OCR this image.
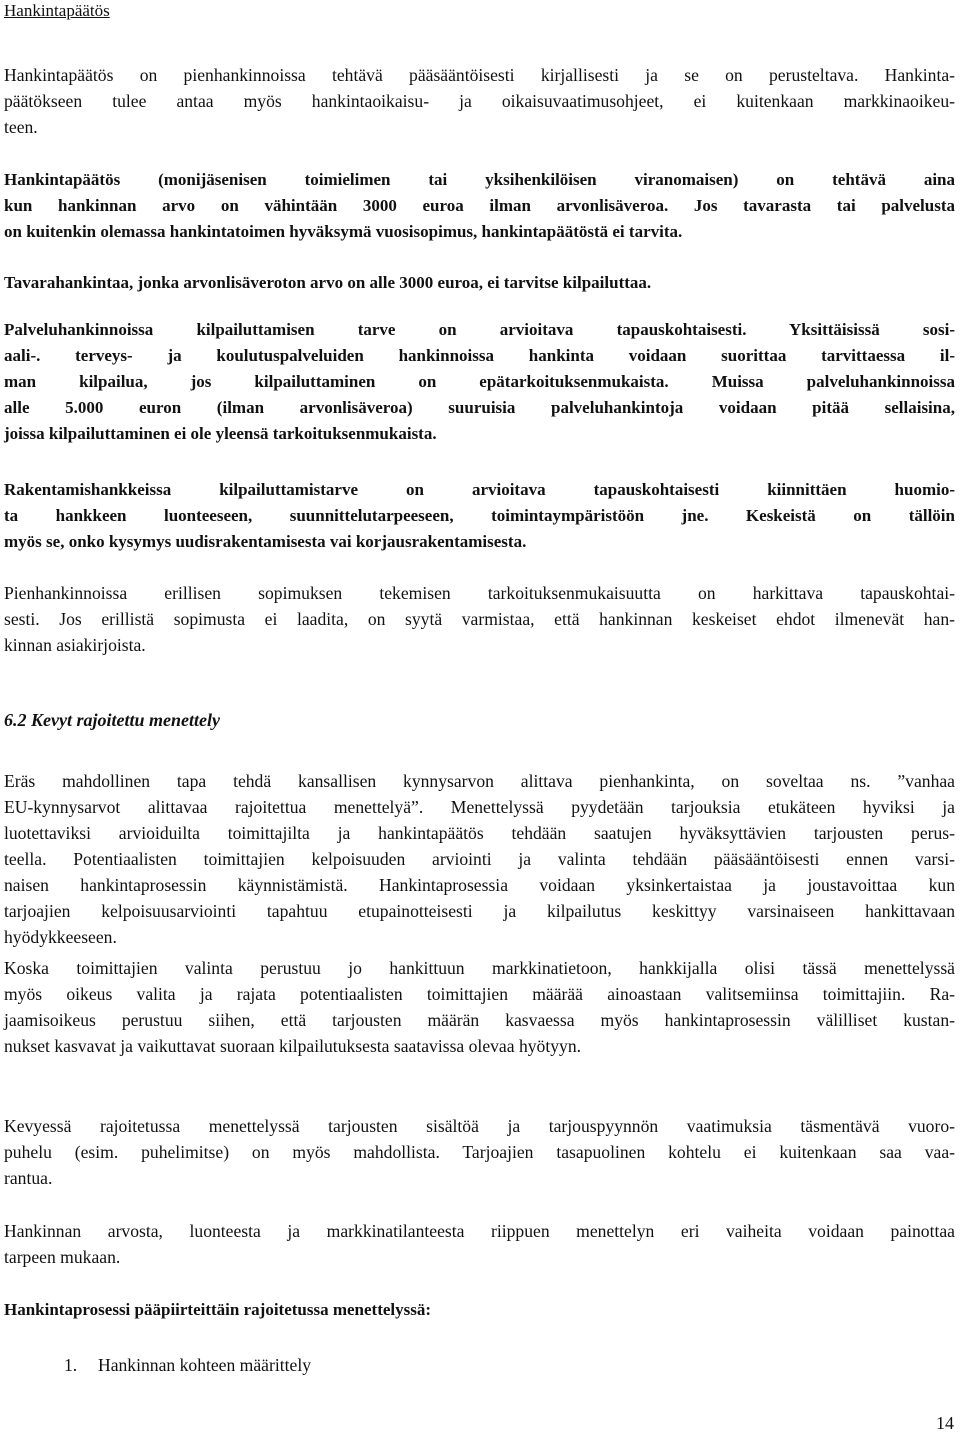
Hankintapäätös
Hankintapäätös on pienhankinnoissa tehtävä pääsääntöisesti kirjallisesti ja se on perusteltava. Hankinta-
päätökseen tulee antaa myös hankintaoikaisu- ja oikaisuvaatimusohjeet, ei kuitenkaan markkinaoikeu-
teen.
Hankintapäätös (monijäsenisen toimielimen tai yksihenkilöisen viranomaisen) on tehtävä aina
kun hankinnan arvo on vähintään 3000 euroa ilman arvonlisäveroa. Jos tavarasta tai palvelusta
on kuitenkin olemassa hankintatoimen hyväksymä vuosisopimus, hankintapäätöstä ei tarvita.
Tavarahankintaa, jonka arvonlisäveroton arvo on alle 3000 euroa, ei tarvitse kilpailuttaa.
Palveluhankinnoissa kilpailuttamisen tarve on arvioitava tapauskohtaisesti. Yksittäisissä sosi-
aali-. terveys- ja koulutuspalveluiden hankinnoissa hankinta voidaan suorittaa tarvittaessa il-
man kilpailua, jos kilpailuttaminen on epätarkoituksenmukaista. Muissa palveluhankinnoissa
alle 5.000 euron (ilman arvonlisäveroa) suuruisia palveluhankintoja voidaan pitää sellaisina,
joissa kilpailuttaminen ei ole yleensä tarkoituksenmukaista.
Rakentamishankkeissa kilpailuttamistarve on arvioitava tapauskohtaisesti kiinnittäen huomio-
ta hankkeen luonteeseen, suunnittelutarpeeseen, toimintaympäristöön jne. Keskeistä on tällöin
myös se, onko kysymys uudisrakentamisesta vai korjausrakentamisesta.
Pienhankinnoissa erillisen sopimuksen tekemisen tarkoituksenmukaisuutta on harkittava tapauskohtai-
sesti. Jos erillistä sopimusta ei laadita, on syytä varmistaa, että hankinnan keskeiset ehdot ilmenevät han-
kinnan asiakirjoista.
Eräs mahdollinen tapa tehdä kansallisen kynnysarvon alittava pienhankinta, on soveltaa ns. ”vanhaa
EU-kynnysarvot alittavaa rajoitettua menettelyä”. Menettelyssä pyydetään tarjouksia etukäteen hyviksi ja
luotettaviksi arvioiduilta toimittajilta ja hankintapäätös tehdään saatujen hyväksyttävien tarjousten perus-
teella. Potentiaalisten toimittajien kelpoisuuden arviointi ja valinta tehdään pääsääntöisesti ennen varsi-
naisen hankintaprosessin käynnistämistä. Hankintaprosessia voidaan yksinkertaistaa ja joustavoittaa kun
tarjoajien kelpoisuusarviointi tapahtuu etupainotteisesti ja kilpailutus keskittyy varsinaiseen hankittavaan
hyödykkeeseen.
Koska toimittajien valinta perustuu jo hankittuun markkinatietoon, hankkijalla olisi tässä menettelyssä
myös oikeus valita ja rajata potentiaalisten toimittajien määrää ainoastaan valitsemiinsa toimittajiin. Ra-
jaamisoikeus perustuu siihen, että tarjousten määrän kasvaessa myös hankintaprosessin välilliset kustan-
nukset kasvavat ja vaikuttavat suoraan kilpailutuksesta saatavissa olevaa hyötyyn.
Kevyessä rajoitetussa menettelyssä tarjousten sisältöä ja tarjouspyynnön vaatimuksia täsmentävä vuoro-
puhelu (esim. puhelimitse) on myös mahdollista. Tarjoajien tasapuolinen kohtelu ei kuitenkaan saa vaa-
rantua.
Hankinnan arvosta, luonteesta ja markkinatilanteesta riippuen menettelyn eri vaiheita voidaan painottaa
tarpeen mukaan.
Hankintaprosessi pääpiirteittäin rajoitetussa menettelyssä:
6.2 Kevyt rajoitettu menettely
1. Hankinnan kohteen määrittely
14
